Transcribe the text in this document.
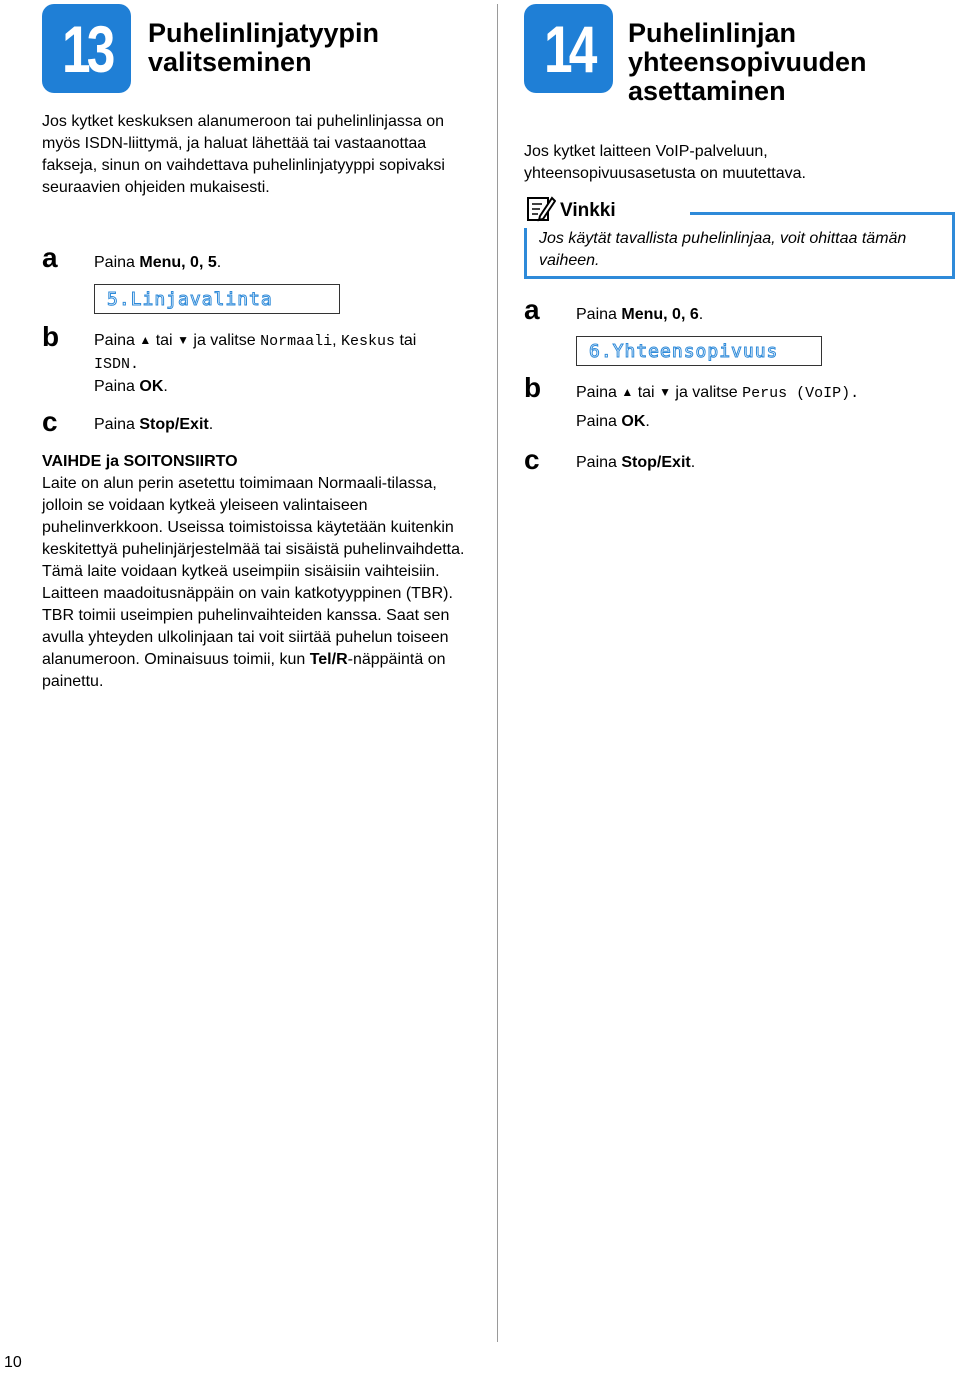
13 Puhelinlinjatyypin
valitseminen
Jos kytket keskuksen alanumeroon tai puhelinlinjassa on myös ISDN-liittymä, ja haluat lähettää tai vastaanottaa fakseja, sinun on vaihdettava puhelinlinjatyyppi sopivaksi seuraavien ohjeiden mukaisesti.
a Paina Menu, 0, 5.
5.Linjavalinta
b Paina ▲ tai ▼ ja valitse Normaali, Keskus tai
ISDN.
Paina OK.
c Paina Stop/Exit.
VAIHDE ja SOITONSIIRTO
Laite on alun perin asetettu toimimaan Normaali-tilassa, jolloin se voidaan kytkeä yleiseen valintaiseen puhelinverkkoon. Useissa toimistoissa käytetään kuitenkin keskitettyä puhelinjärjestelmää tai sisäistä puhelinvaihdetta. Tämä laite voidaan kytkeä useimpiin sisäisiin vaihteisiin. Laitteen maadoitusnäppäin on vain katkotyyppinen (TBR). TBR toimii useimpien puhelinvaihteiden kanssa. Saat sen avulla yhteyden ulkolinjaan tai voit siirtää puhelun toiseen alanumeroon. Ominaisuus toimii, kun Tel/R-näppäintä on painettu.
14 Puhelinlinjan
yhteensopivuuden
asettaminen
Jos kytket laitteen VoIP-palveluun, yhteensopivuusasetusta on muutettava.
Vinkki
Jos käytät tavallista puhelinlinjaa, voit ohittaa tämän vaiheen.
a Paina Menu, 0, 6.
6.Yhteensopivuus
b Paina ▲ tai ▼ ja valitse Perus (VoIP).
Paina OK.
c Paina Stop/Exit.
10
